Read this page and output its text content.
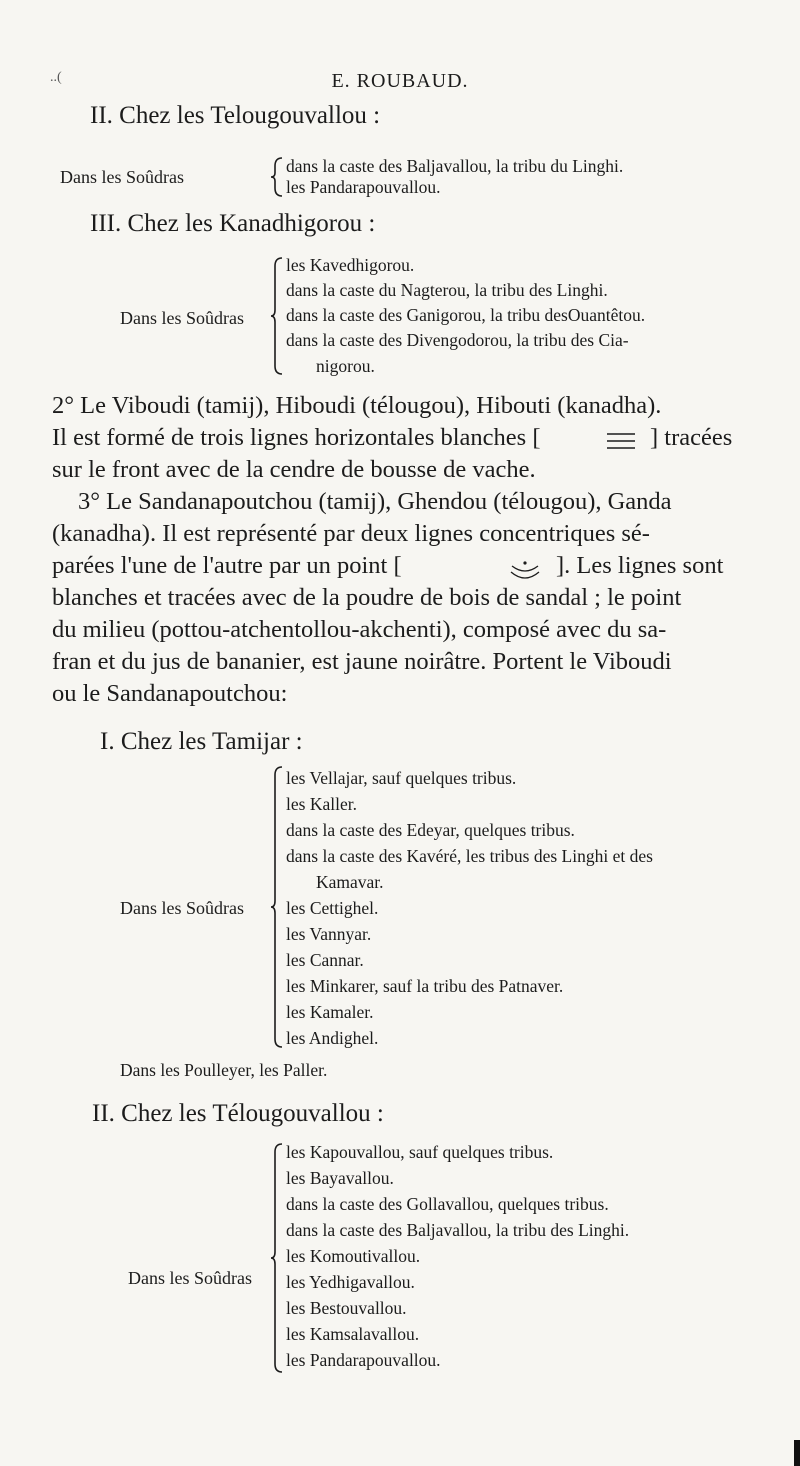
..(	E. ROUBAUD.
II. Chez les Telougouvallou :
Dans les Soûdras
dans la caste des Baljavallou, la tribu du Linghi.
les Pandarapouvallou.
III. Chez les Kanadhigorou :
Dans les Soûdras
les Kavedhigorou.
dans la caste du Nagterou, la tribu des Linghi.
dans la caste des Ganigorou, la tribu desOuantêtou.
dans la caste des Divengodorou, la tribu des Cia-
nigorou.
2° Le Viboudi (tamij), Hiboudi (télougou), Hibouti (kanadha).
Il est formé de trois lignes horizontales blanches [	] tracées
sur le front avec de la cendre de bousse de vache.
3° Le Sandanapoutchou (tamij), Ghendou (télougou), Ganda
(kanadha). Il est représenté par deux lignes concentriques sé-
parées l'une de l'autre par un point [	]. Les lignes sont
blanches et tracées avec de la poudre de bois de sandal ; le point
du milieu (pottou-atchentollou-akchenti), composé avec du sa-
fran et du jus de bananier, est jaune noirâtre. Portent le Viboudi
ou le Sandanapoutchou:
I. Chez les Tamijar :
Dans les Soûdras
les Vellajar, sauf quelques tribus.
les Kaller.
dans la caste des Edeyar, quelques tribus.
dans la caste des Kavéré, les tribus des Linghi et des
Kamavar.
les Cettighel.
les Vannyar.
les Cannar.
les Minkarer, sauf la tribu des Patnaver.
les Kamaler.
les Andighel.
Dans les Poulleyer, les Paller.
II. Chez les Télougouvallou :
Dans les Soûdras
les Kapouvallou, sauf quelques tribus.
les Bayavallou.
dans la caste des Gollavallou, quelques tribus.
dans la caste des Baljavallou, la tribu des Linghi.
les Komoutivallou.
les Yedhigavallou.
les Bestouvallou.
les Kamsalavallou.
les Pandarapouvallou.
